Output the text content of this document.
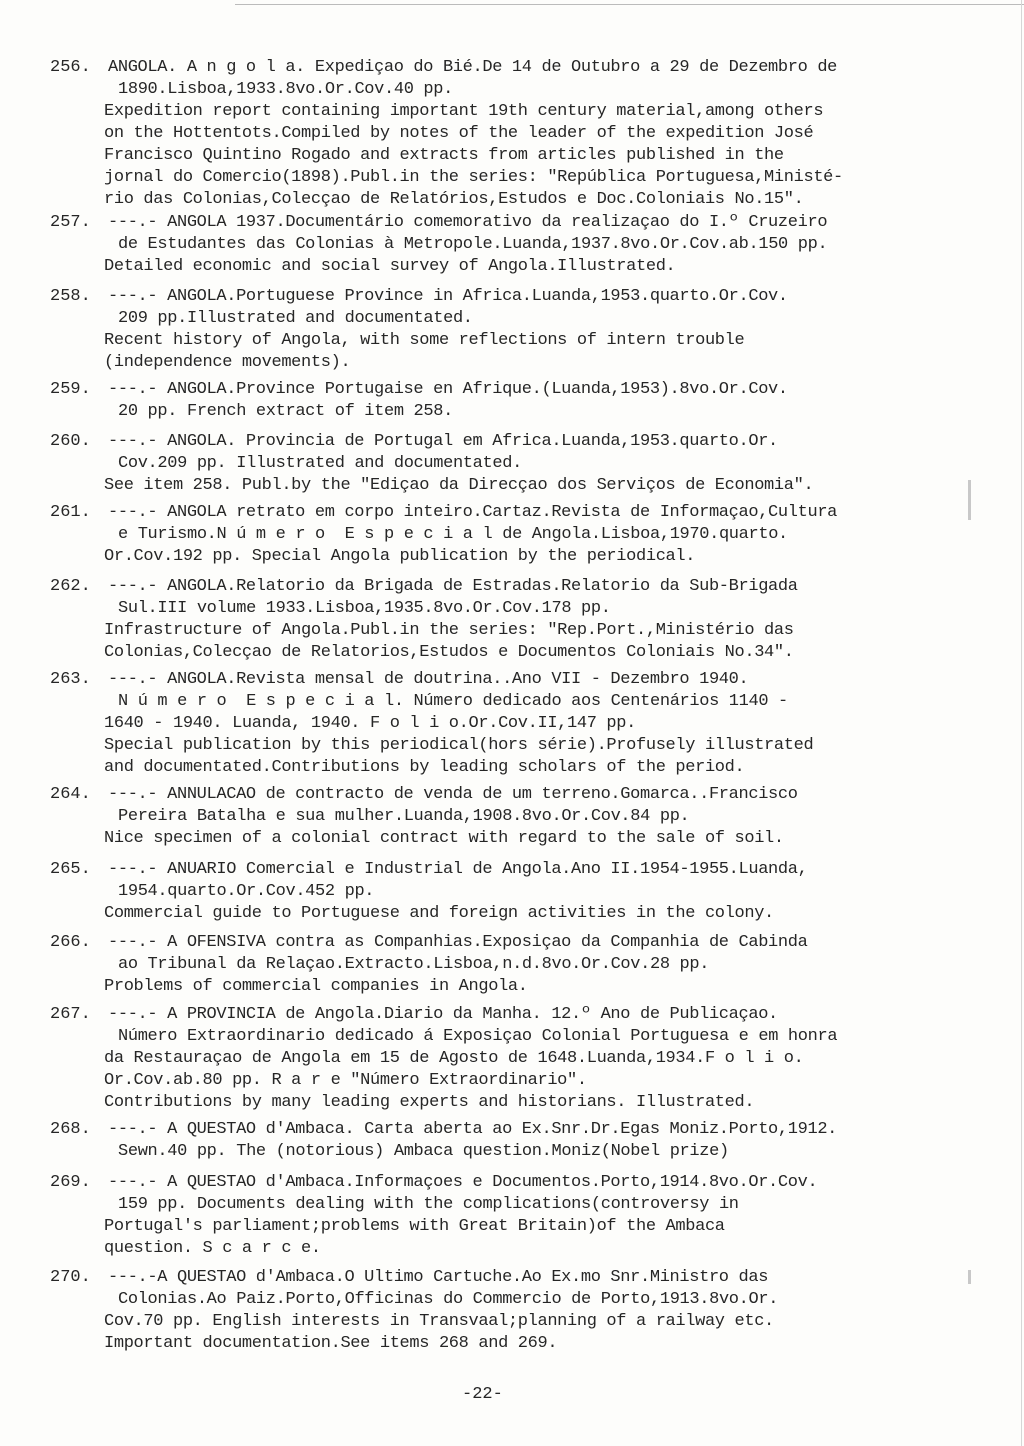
256. ANGOLA. A n g o l a. Expediçao do Bié.De 14 de Outubro a 29 de Dezembro de
1890.Lisboa,1933.8vo.Or.Cov.40 pp.
Expedition report containing important 19th century material,among others
on the Hottentots.Compiled by notes of the leader of the expedition José
Francisco Quintino Rogado and extracts from articles published in the
jornal do Comercio(1898).Publ.in the series: "República Portuguesa,Ministé-
rio das Colonias,Colecçao de Relatórios,Estudos e Doc.Coloniais No.15".
257. ---.- ANGOLA 1937.Documentário comemorativo da realizaçao do I.º Cruzeiro
de Estudantes das Colonias à Metropole.Luanda,1937.8vo.Or.Cov.ab.150 pp.
Detailed economic and social survey of Angola.Illustrated.
258. ---.- ANGOLA.Portuguese Province in Africa.Luanda,1953.quarto.Or.Cov.
209 pp.Illustrated and documentated.
Recent history of Angola, with some reflections of intern trouble
(independence movements).
259. ---.- ANGOLA.Province Portugaise en Afrique.(Luanda,1953).8vo.Or.Cov.
20 pp. French extract of item 258.
260. ---.- ANGOLA. Provincia de Portugal em Africa.Luanda,1953.quarto.Or.
Cov.209 pp. Illustrated and documentated.
See item 258. Publ.by the "Ediçao da Direcçao dos Serviços de Economia".
261. ---.- ANGOLA retrato em corpo inteiro.Cartaz.Revista de Informaçao,Cultura
e Turismo.N ú m e r o  E s p e c i a l de Angola.Lisboa,1970.quarto.
Or.Cov.192 pp. Special Angola publication by the periodical.
262. ---.- ANGOLA.Relatorio da Brigada de Estradas.Relatorio da Sub-Brigada
Sul.III volume 1933.Lisboa,1935.8vo.Or.Cov.178 pp.
Infrastructure of Angola.Publ.in the series: "Rep.Port.,Ministério das
Colonias,Colecçao de Relatorios,Estudos e Documentos Coloniais No.34".
263. ---.- ANGOLA.Revista mensal de doutrina..Ano VII - Dezembro 1940.
N ú m e r o  E s p e c i a l. Número dedicado aos Centenários 1140 -
1640 - 1940. Luanda, 1940. F o l i o.Or.Cov.II,147 pp.
Special publication by this periodical(hors série).Profusely illustrated
and documentated.Contributions by leading scholars of the period.
264. ---.- ANNULACAO de contracto de venda de um terreno.Gomarca..Francisco
Pereira Batalha e sua mulher.Luanda,1908.8vo.Or.Cov.84 pp.
Nice specimen of a colonial contract with regard to the sale of soil.
265. ---.- ANUARIO Comercial e Industrial de Angola.Ano II.1954-1955.Luanda,
1954.quarto.Or.Cov.452 pp.
Commercial guide to Portuguese and foreign activities in the colony.
266. ---.- A OFENSIVA contra as Companhias.Exposiçao da Companhia de Cabinda
ao Tribunal da Relaçao.Extracto.Lisboa,n.d.8vo.Or.Cov.28 pp.
Problems of commercial companies in Angola.
267. ---.- A PROVINCIA de Angola.Diario da Manha. 12.º Ano de Publicaçao.
Número Extraordinario dedicado á Exposiçao Colonial Portuguesa e em honra
da Restauraçao de Angola em 15 de Agosto de 1648.Luanda,1934.F o l i o.
Or.Cov.ab.80 pp. R a r e "Número Extraordinario".
Contributions by many leading experts and historians. Illustrated.
268. ---.- A QUESTAO d'Ambaca. Carta aberta ao Ex.Snr.Dr.Egas Moniz.Porto,1912.
Sewn.40 pp. The (notorious) Ambaca question.Moniz(Nobel prize)
269. ---.- A QUESTAO d'Ambaca.Informaçoes e Documentos.Porto,1914.8vo.Or.Cov.
159 pp. Documents dealing with the complications(controversy in
Portugal's parliament;problems with Great Britain)of the Ambaca
question. S c a r c e.
270. ---.-A QUESTAO d'Ambaca.O Ultimo Cartuche.Ao Ex.mo Snr.Ministro das
Colonias.Ao Paiz.Porto,Officinas do Commercio de Porto,1913.8vo.Or.
Cov.70 pp. English interests in Transvaal;planning of a railway etc.
Important documentation.See items 268 and 269.
-22-
